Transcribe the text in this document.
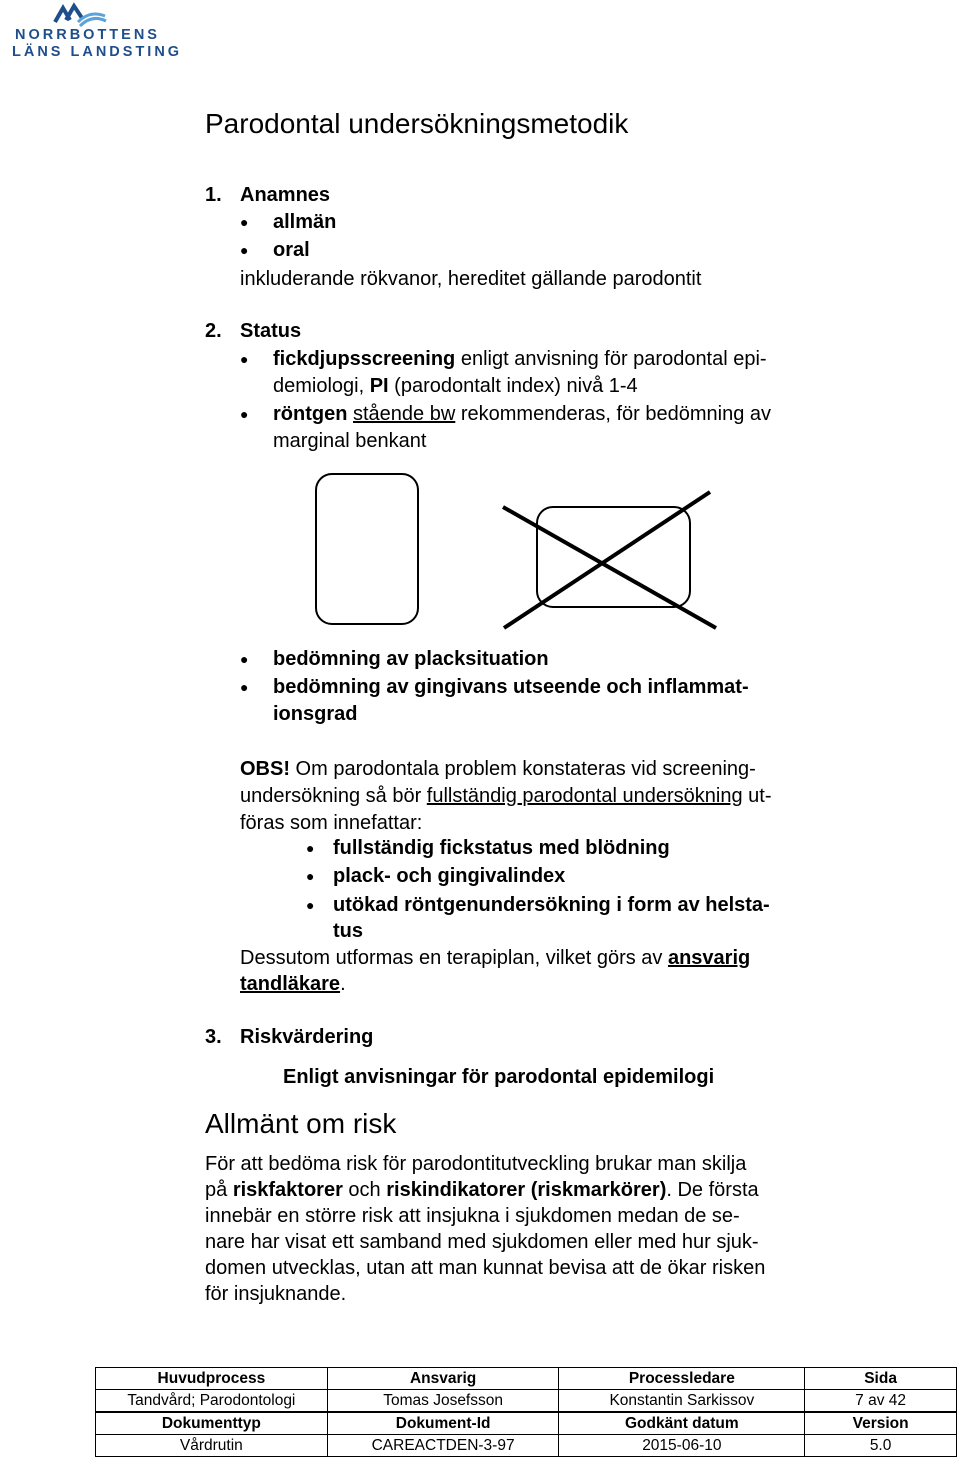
NORRBOTTENS
LÄNS LANDSTING
Parodontal undersökningsmetodik
1. Anamnes
● allmän
● oral
inkluderande rökvanor, hereditet gällande parodontit
2. Status
● fickdjupsscreening enligt anvisning för parodontal epi-
demiologi, PI (parodontalt index) nivå 1-4
● röntgen stående bw rekommenderas, för bedömning av
marginal benkant
● bedömning av placksituation
● bedömning av gingivans utseende och inflammat-
ionsgrad
OBS! Om parodontala problem konstateras vid screening-
undersökning så bör fullständig parodontal undersökning ut-
föras som innefattar:
● fullständig fickstatus med blödning
● plack- och gingivalindex
● utökad röntgenundersökning i form av helsta-
tus
Dessutom utformas en terapiplan, vilket görs av ansvarig
tandläkare.
3. Riskvärdering
Enligt anvisningar för parodontal epidemilogi
Allmänt om risk
För att bedöma risk för parodontitutveckling brukar man skilja
på riskfaktorer och riskindikatorer (riskmarkörer). De första
innebär en större risk att insjukna i sjukdomen medan de se-
nare har visat ett samband med sjukdomen eller med hur sjuk-
domen utvecklas, utan att man kunnat bevisa att de ökar risken
för insjuknande.
Huvudprocess	Ansvarig	Processledare	Sida
Tandvård; Parodontologi	Tomas Josefsson	Konstantin Sarkissov	7 av 42
Dokumenttyp	Dokument-Id	Godkänt datum	Version
Vårdrutin	CAREACTDEN-3-97	2015-06-10	5.0
